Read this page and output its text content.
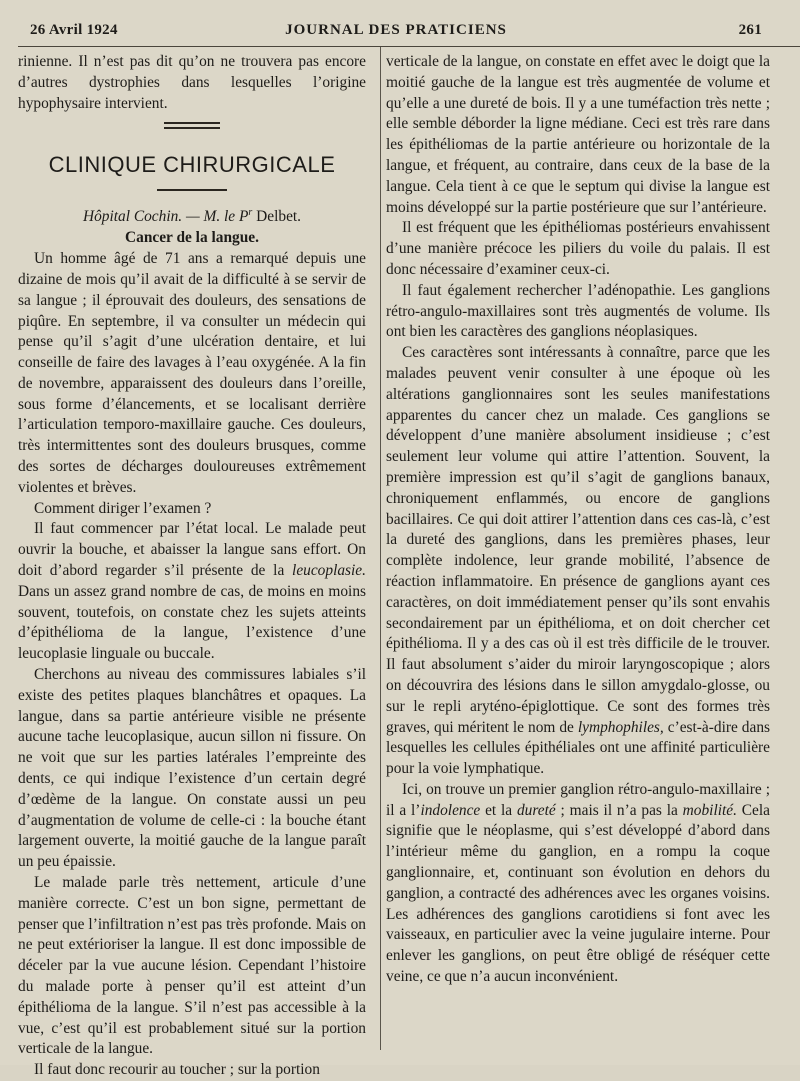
26 Avril 1924	JOURNAL DES PRATICIENS	261

rinienne. Il n’est pas dit qu’on ne trouvera pas encore d’autres dystrophies dans lesquelles l’origine hypophysaire intervient.

CLINIQUE CHIRURGICALE

Hôpital Cochin. — M. le $P^r$ Delbet.

Cancer de la langue.

Un homme âgé de 71 ans a remarqué depuis une dizaine de mois qu’il avait de la difficulté à se servir de sa langue ; il éprouvait des douleurs, des sensations de piqûre. En septembre, il va consulter un médecin qui pense qu’il s’agit d’une ulcération dentaire, et lui conseille de faire des lavages à l’eau oxygénée. A la fin de novembre, apparaissent des douleurs dans l’oreille, sous forme d’élancements, et se localisant derrière l’articulation temporo-maxillaire gauche. Ces douleurs, très intermittentes sont des douleurs brusques, comme des sortes de décharges douloureuses extrêmement violentes et brèves.

Comment diriger l’examen ?

Il faut commencer par l’état local. Le malade peut ouvrir la bouche, et abaisser la langue sans effort. On doit d’abord regarder s’il présente de la leucoplasie. Dans un assez grand nombre de cas, de moins en moins souvent, toutefois, on constate chez les sujets atteints d’épithélioma de la langue, l’existence d’une leucoplasie linguale ou buccale.

Cherchons au niveau des commissures labiales s’il existe des petites plaques blanchâtres et opaques. La langue, dans sa partie antérieure visible ne présente aucune tache leucoplasique, aucun sillon ni fissure. On ne voit que sur les parties latérales l’empreinte des dents, ce qui indique l’existence d’un certain degré d’œdème de la langue. On constate aussi un peu d’augmentation de volume de celle-ci : la bouche étant largement ouverte, la moitié gauche de la langue paraît un peu épaissie.

Le malade parle très nettement, articule d’une manière correcte. C’est un bon signe, permettant de penser que l’infiltration n’est pas très profonde. Mais on ne peut extérioriser la langue. Il est donc impossible de déceler par la vue aucune lésion. Cependant l’histoire du malade porte à penser qu’il est atteint d’un épithélioma de la langue. S’il n’est pas accessible à la vue, c’est qu’il est probablement situé sur la portion verticale de la langue.

Il faut donc recourir au toucher ; sur la portion

verticale de la langue, on constate en effet avec le doigt que la moitié gauche de la langue est très augmentée de volume et qu’elle a une dureté de bois. Il y a une tuméfaction très nette ; elle semble déborder la ligne médiane. Ceci est très rare dans les épithéliomas de la partie antérieure ou horizontale de la langue, et fréquent, au contraire, dans ceux de la base de la langue. Cela tient à ce que le septum qui divise la langue est moins développé sur la partie postérieure que sur l’antérieure.

Il est fréquent que les épithéliomas postérieurs envahissent d’une manière précoce les piliers du voile du palais. Il est donc nécessaire d’examiner ceux-ci.

Il faut également rechercher l’adénopathie. Les ganglions rétro-angulo-maxillaires sont très augmentés de volume. Ils ont bien les caractères des ganglions néoplasiques.

Ces caractères sont intéressants à connaître, parce que les malades peuvent venir consulter à une époque où les altérations ganglionnaires sont les seules manifestations apparentes du cancer chez un malade. Ces ganglions se développent d’une manière absolument insidieuse ; c’est seulement leur volume qui attire l’attention. Souvent, la première impression est qu’il s’agit de ganglions banaux, chroniquement enflammés, ou encore de ganglions bacillaires. Ce qui doit attirer l’attention dans ces cas-là, c’est la dureté des ganglions, dans les premières phases, leur complète indolence, leur grande mobilité, l’absence de réaction inflammatoire. En présence de ganglions ayant ces caractères, on doit immédiatement penser qu’ils sont envahis secondairement par un épithélioma, et on doit chercher cet épithélioma. Il y a des cas où il est très difficile de le trouver. Il faut absolument s’aider du miroir laryngoscopique ; alors on découvrira des lésions dans le sillon amygdalo-glosse, ou sur le repli aryténo-épiglottique. Ce sont des formes très graves, qui méritent le nom de lymphophiles, c’est-à-dire dans lesquelles les cellules épithéliales ont une affinité particulière pour la voie lymphatique.

Ici, on trouve un premier ganglion rétro-angulo-maxillaire ; il a l’indolence et la dureté ; mais il n’a pas la mobilité. Cela signifie que le néoplasme, qui s’est développé d’abord dans l’intérieur même du ganglion, en a rompu la coque ganglionnaire, et, continuant son évolution en dehors du ganglion, a contracté des adhérences avec les organes voisins. Les adhérences des ganglions carotidiens si font avec les vaisseaux, en particulier avec la veine jugulaire interne. Pour enlever les ganglions, on peut être obligé de réséquer cette veine, ce que n’a aucun inconvénient.
